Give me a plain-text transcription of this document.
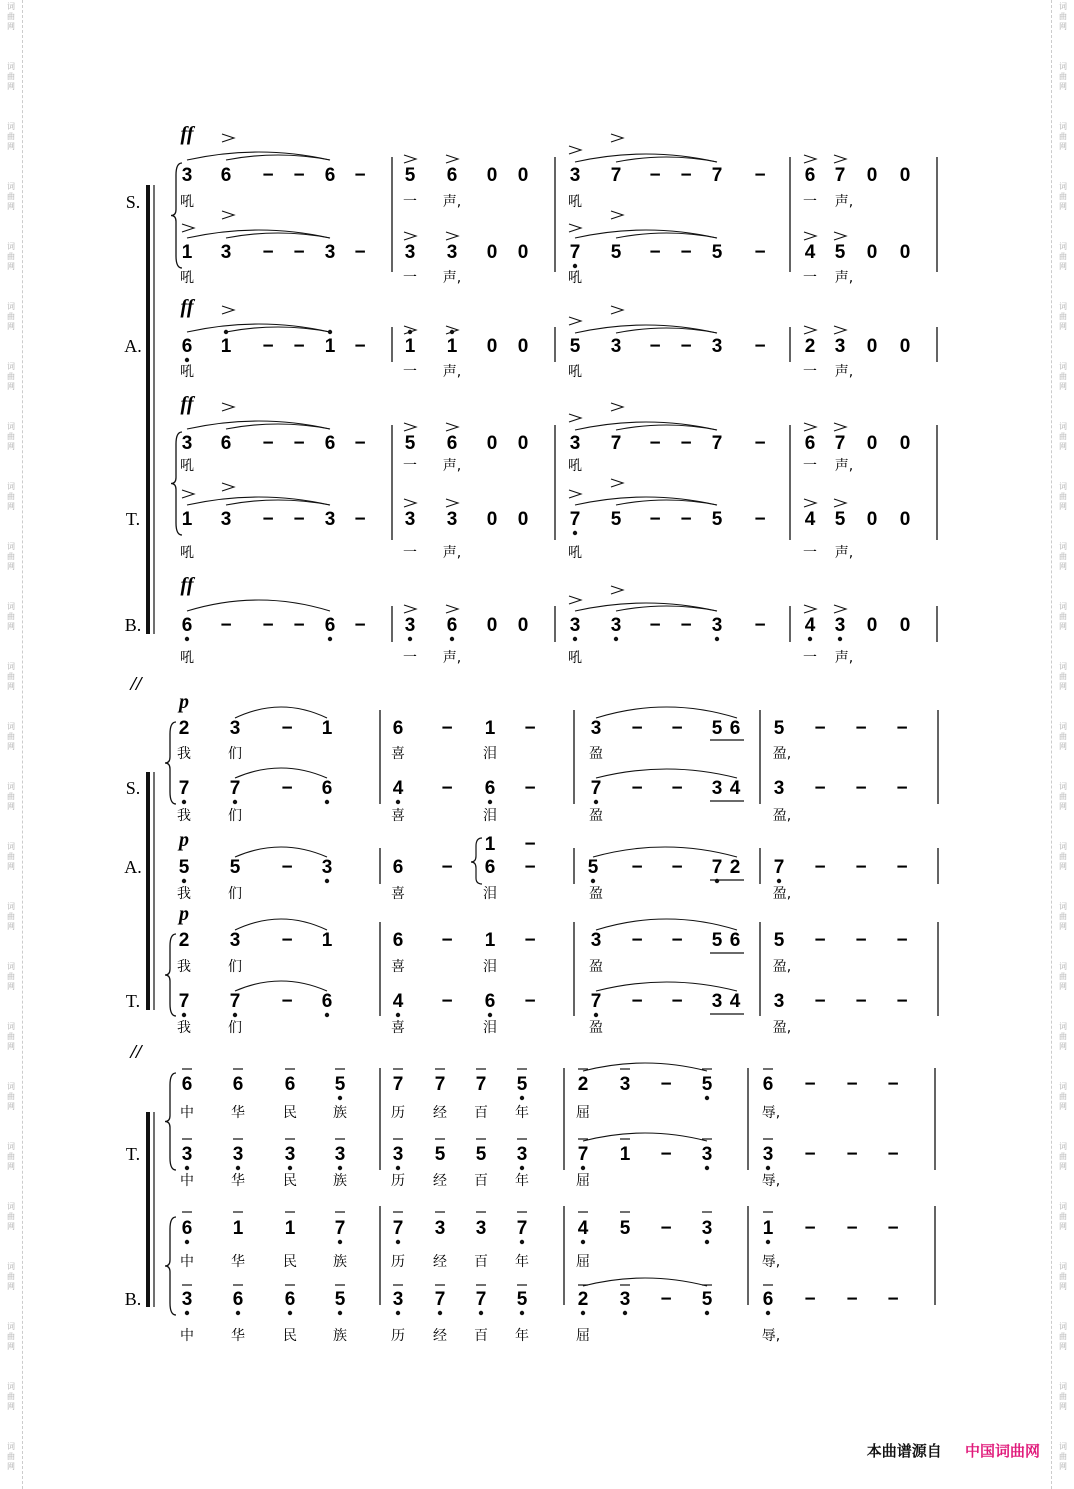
词
曲
网
词
曲
网
词
曲
网
词
曲
网
词
曲
网
词
曲
网
词
曲
网
词
曲
网
词
曲
网
词
曲
网
词
曲
网
词
曲
网
词
曲
网
词
曲
网
词
曲
网
词
曲
网
词
曲
网
词
曲
网
词
曲
网
词
曲
网
词
曲
网
词
曲
网
词
曲
网
词
曲
网
词
曲
网
词
曲
网
词
曲
网
词
曲
网
词
曲
网
词
曲
网
词
曲
网
词
曲
网
词
曲
网
词
曲
网
词
曲
网
词
曲
网
词
曲
网
词
曲
网
词
曲
网
词
曲
网
词
曲
网
词
曲
网
词
曲
网
词
曲
网
词
曲
网
词
曲
网
词
曲
网
词
曲
网
词
曲
网
词
曲
网
ff
3 6 − − 6 − 5 6 0 0 3 7 − − 7 − 6 7 0 0
吼	一 声,	吼	一 声,
1 3 − − 3 − 3 3 0 0 7 5 − − 5 − 4 5 0 0
吼	一 声,	吼	一 声,
S.
ff
6 1 − − 1 − 1 1 0 0 5 3 − − 3 − 2 3 0 0
吼	一 声,	吼	一 声,
A.
ff
3 6 − − 6 − 5 6 0 0 3 7 − − 7 − 6 7 0 0
吼	一 声,	吼	一 声,
1 3 − − 3 − 3 3 0 0 7 5 − − 5 − 4 5 0 0
吼	一 声,	吼	一 声,
T.
ff
6 − − − 6 − 3 6 0 0 3 3 − − 3 − 4 3 0 0
吼	一 声,	吼	一 声,
B.
//
p
2 3 − 1	6 − 1 −	3 − − 5 6 5 − − −
我	们	喜	泪	盈	盈,
7 7 − 6	4 − 6 −	7 − − 3 4 3 − − −
我	们	喜	泪	盈	盈,
S.
p
5 5 − 3	6 −
1
6 −	5 − − 7 2 7 − − −
−
我	们	喜	泪	盈	盈,
A.
p
2 3 − 1	6 − 1 −	3 − − 5 6 5 − − −
我	们	喜	泪	盈	盈,
7 7 − 6	4 − 6 −	7 − − 3 4 3 − − −
我	们	喜	泪	盈	盈,
T.
//
6 6 6 5 7 7 7 5	2 3 − 5	6 − − −
中	华	民	族	历 经 百 年	屈	辱,
3 3 3 3 3 5 5 3	7 1 − 3	3 − − −
中	华	民	族	历 经 百 年	屈	辱,
T.
6 1 1 7 7 3 3 7	4 5 − 3	1 − − −
中	华	民	族	历 经 百 年	屈	辱,
3 6 6 5 3 7 7 5	2 3 − 5	6 − − −
中	华	民	族	历 经 百 年	屈	辱,
B.
本曲谱源自 中国词曲网
